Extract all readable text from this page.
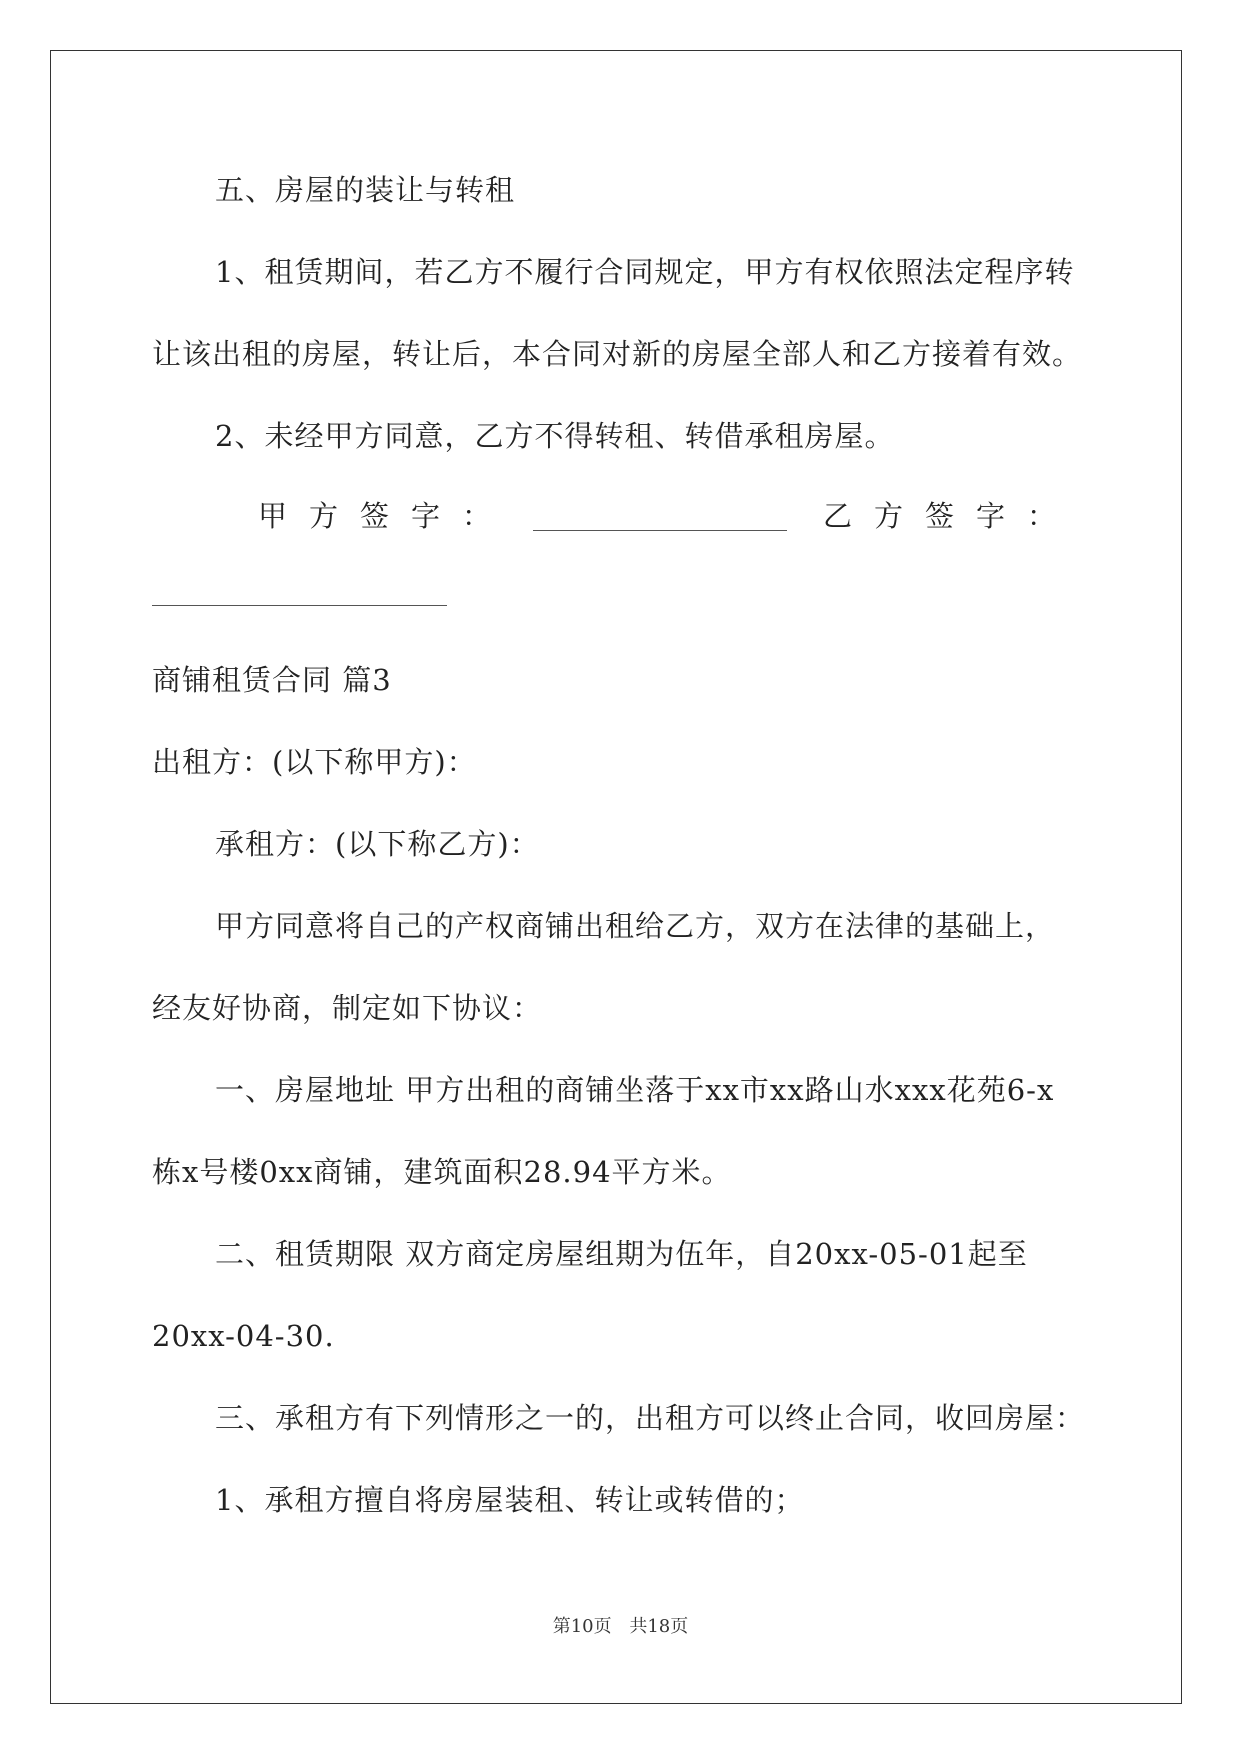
五、房屋的装让与转租
1、租赁期间，若乙方不履行合同规定，甲方有权依照法定程序转
让该出租的房屋，转让后，本合同对新的房屋全部人和乙方接着有效。
2、未经甲方同意，乙方不得转租、转借承租房屋。
甲方签字：	乙方签字：
商铺租赁合同 篇3
出租方：(以下称甲方)：
承租方：(以下称乙方)：
甲方同意将自己的产权商铺出租给乙方，双方在法律的基础上，
经友好协商，制定如下协议：
一、房屋地址 甲方出租的商铺坐落于xx市xx路山水xxx花苑6-x
栋x号楼0xx商铺，建筑面积28.94平方米。
二、租赁期限 双方商定房屋组期为伍年，自20xx-05-01起至
20xx-04-30.
三、承租方有下列情形之一的，出租方可以终止合同，收回房屋：
1、承租方擅自将房屋装租、转让或转借的；
第10页 共18页
